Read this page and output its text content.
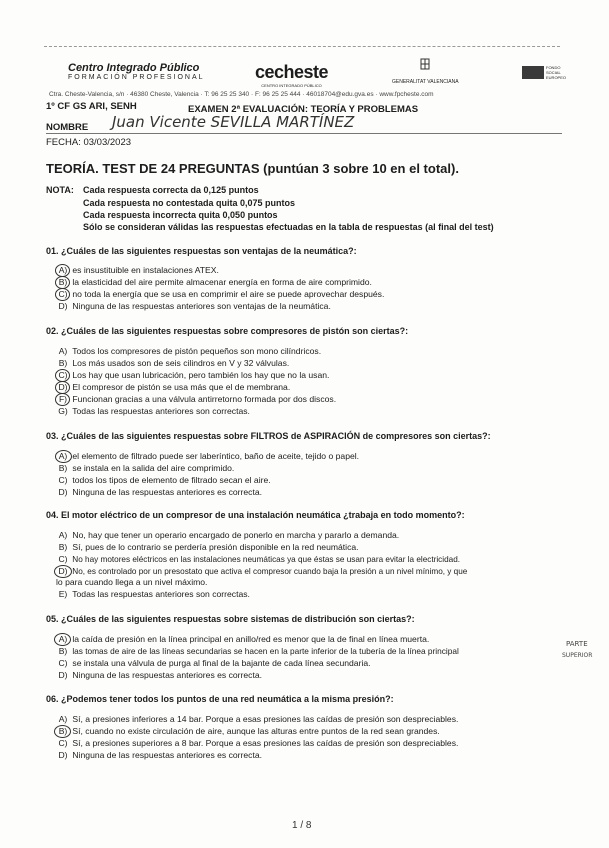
Centro Integrado Público
FORMACIÓN PROFESIONAL	cecheste
CENTRO INTEGRADO PÚBLICO
GENERALITAT VALENCIANA
FONDO SOCIAL EUROPEO
Ctra. Cheste-Valencia, s/n · 46380 Cheste, Valencia · T: 96 25 25 340 · F: 96 25 25 444 · 46018704@edu.gva.es · www.fpcheste.com
1º CF GS ARI, SENH	EXAMEN 2ª EVALUACIÓN: TEORÍA Y PROBLEMAS
NOMBRE Juan Vicente SEVILLA MARTÍNEZ
FECHA: 03/03/2023
TEORÍA. TEST DE 24 PREGUNTAS (puntúan 3 sobre 10 en el total).
NOTA: Cada respuesta correcta da 0,125 puntos
Cada respuesta no contestada quita 0,075 puntos
Cada respuesta incorrecta quita 0,050 puntos
Sólo se consideran válidas las respuestas efectuadas en la tabla de respuestas (al final del test)
01. ¿Cuáles de las siguientes respuestas son ventajas de la neumática?:
A) es insustituible en instalaciones ATEX.
B) la elasticidad del aire permite almacenar energía en forma de aire comprimido.
C) no toda la energía que se usa en comprimir el aire se puede aprovechar después.
D) Ninguna de las respuestas anteriores son ventajas de la neumática.
02. ¿Cuáles de las siguientes respuestas sobre compresores de pistón son ciertas?:
A) Todos los compresores de pistón pequeños son mono cilíndricos.
B) Los más usados son de seis cilindros en V y 32 válvulas.
C) Los hay que usan lubricación, pero también los hay que no la usan.
D) El compresor de pistón se usa más que el de membrana.
F) Funcionan gracias a una válvula antirretorno formada por dos discos.
G) Todas las respuestas anteriores son correctas.
03. ¿Cuáles de las siguientes respuestas sobre FILTROS de ASPIRACIÓN de compresores son ciertas?:
A) el elemento de filtrado puede ser laberíntico, baño de aceite, tejido o papel.
B) se instala en la salida del aire comprimido.
C) todos los tipos de elemento de filtrado secan el aire.
D) Ninguna de las respuestas anteriores es correcta.
04. El motor eléctrico de un compresor de una instalación neumática ¿trabaja en todo momento?:
A) No, hay que tener un operario encargado de ponerlo en marcha y pararlo a demanda.
B) Sí, pues de lo contrario se perdería presión disponible en la red neumática.
C) No hay motores eléctricos en las instalaciones neumáticas ya que éstas se usan para evitar la electricidad.
D) No, es controlado por un presostato que activa el compresor cuando baja la presión a un nivel mínimo, y que
lo para cuando llega a un nivel máximo.
E) Todas las respuestas anteriores son correctas.
05. ¿Cuáles de las siguientes respuestas sobre sistemas de distribución son ciertas?:
A) la caída de presión en la línea principal en anillo/red es menor que la de final en línea muerta.
B) las tomas de aire de las líneas secundarias se hacen en la parte inferior de la tubería de la línea principal
C) se instala una válvula de purga al final de la bajante de cada línea secundaria.
D) Ninguna de las respuestas anteriores es correcta.
PARTE
SUPERIOR
06. ¿Podemos tener todos los puntos de una red neumática a la misma presión?:
A) Sí, a presiones inferiores a 14 bar. Porque a esas presiones las caídas de presión son despreciables.
B) Sí, cuando no existe circulación de aire, aunque las alturas entre puntos de la red sean grandes.
C) Sí, a presiones superiores a 8 bar. Porque a esas presiones las caídas de presión son despreciables.
D) Ninguna de las respuestas anteriores es correcta.
1 / 8
